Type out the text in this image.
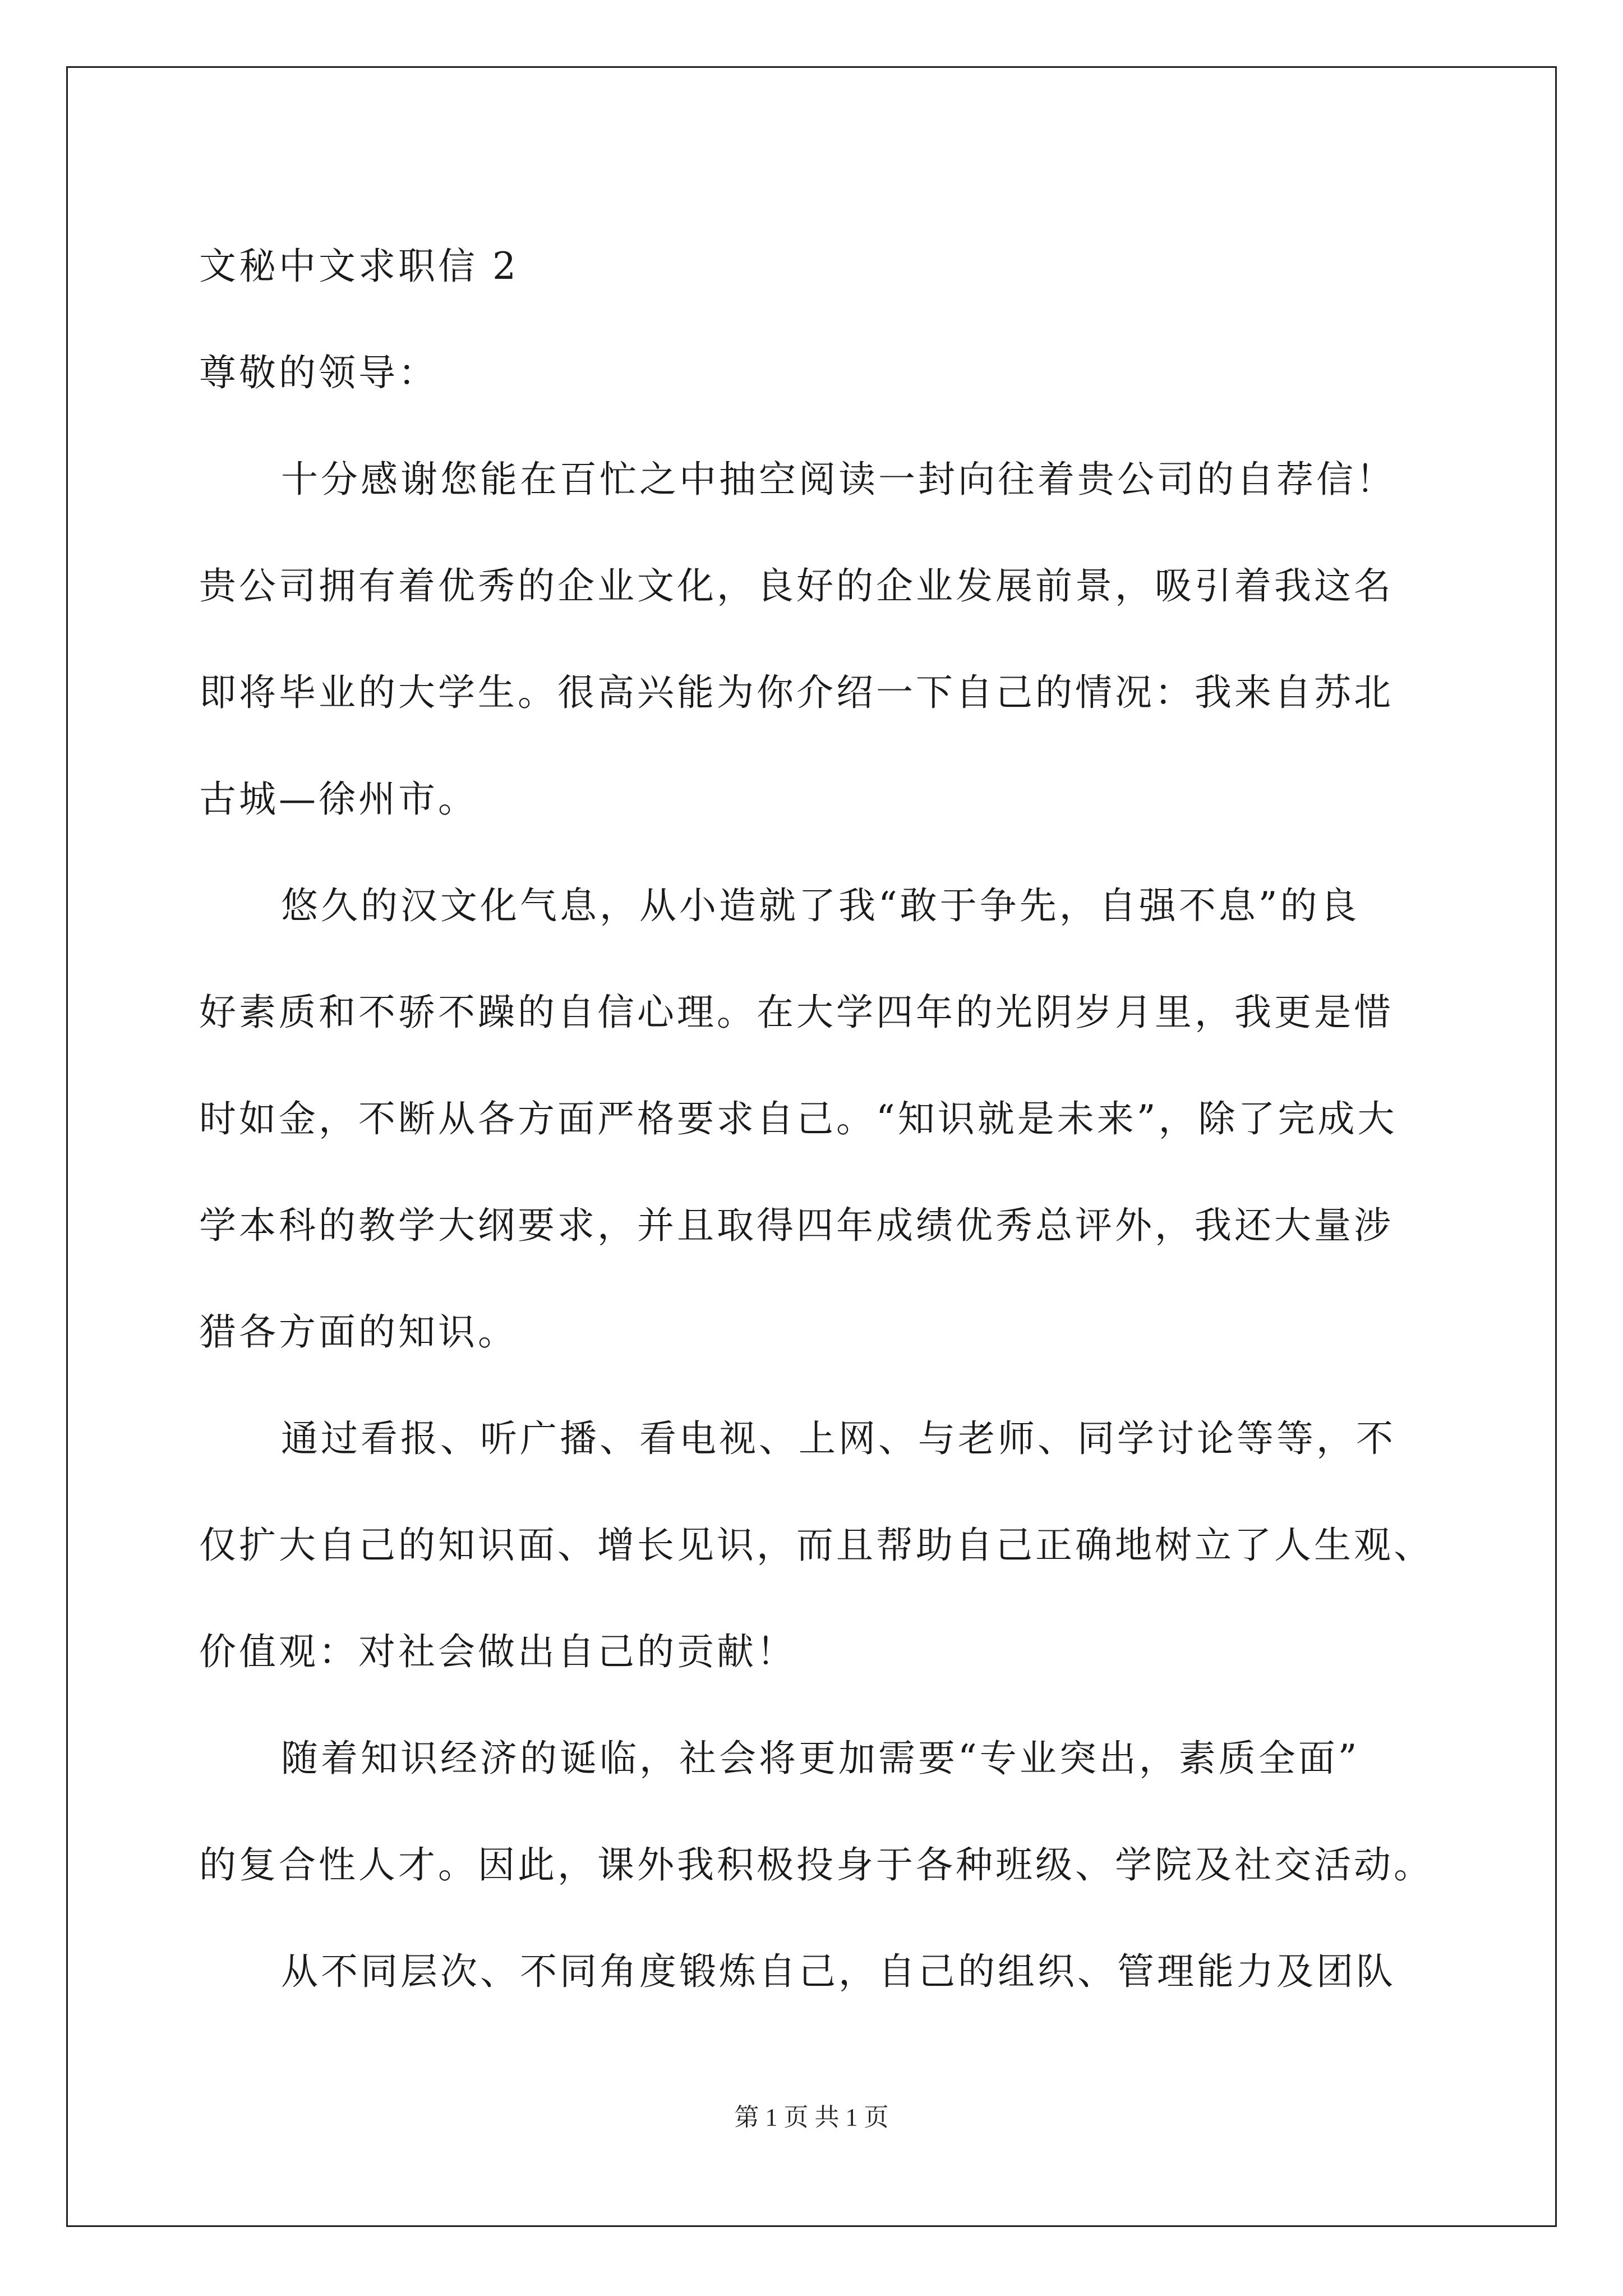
文秘中文求职信 2
尊敬的领导：
十分感谢您能在百忙之中抽空阅读一封向往着贵公司的自荐信！
贵公司拥有着优秀的企业文化，良好的企业发展前景，吸引着我这名
即将毕业的大学生。很高兴能为你介绍一下自己的情况：我来自苏北
古城—徐州市。
悠久的汉文化气息，从小造就了我“敢于争先，自强不息”的良
好素质和不骄不躁的自信心理。在大学四年的光阴岁月里，我更是惜
时如金，不断从各方面严格要求自己。“知识就是未来”，除了完成大
学本科的教学大纲要求，并且取得四年成绩优秀总评外，我还大量涉
猎各方面的知识。
通过看报、听广播、看电视、上网、与老师、同学讨论等等，不
仅扩大自己的知识面、增长见识，而且帮助自己正确地树立了人生观、
价值观：对社会做出自己的贡献！
随着知识经济的诞临，社会将更加需要“专业突出，素质全面”
的复合性人才。因此，课外我积极投身于各种班级、学院及社交活动。
从不同层次、不同角度锻炼自己，自己的组织、管理能力及团队
第 1 页 共 1 页
